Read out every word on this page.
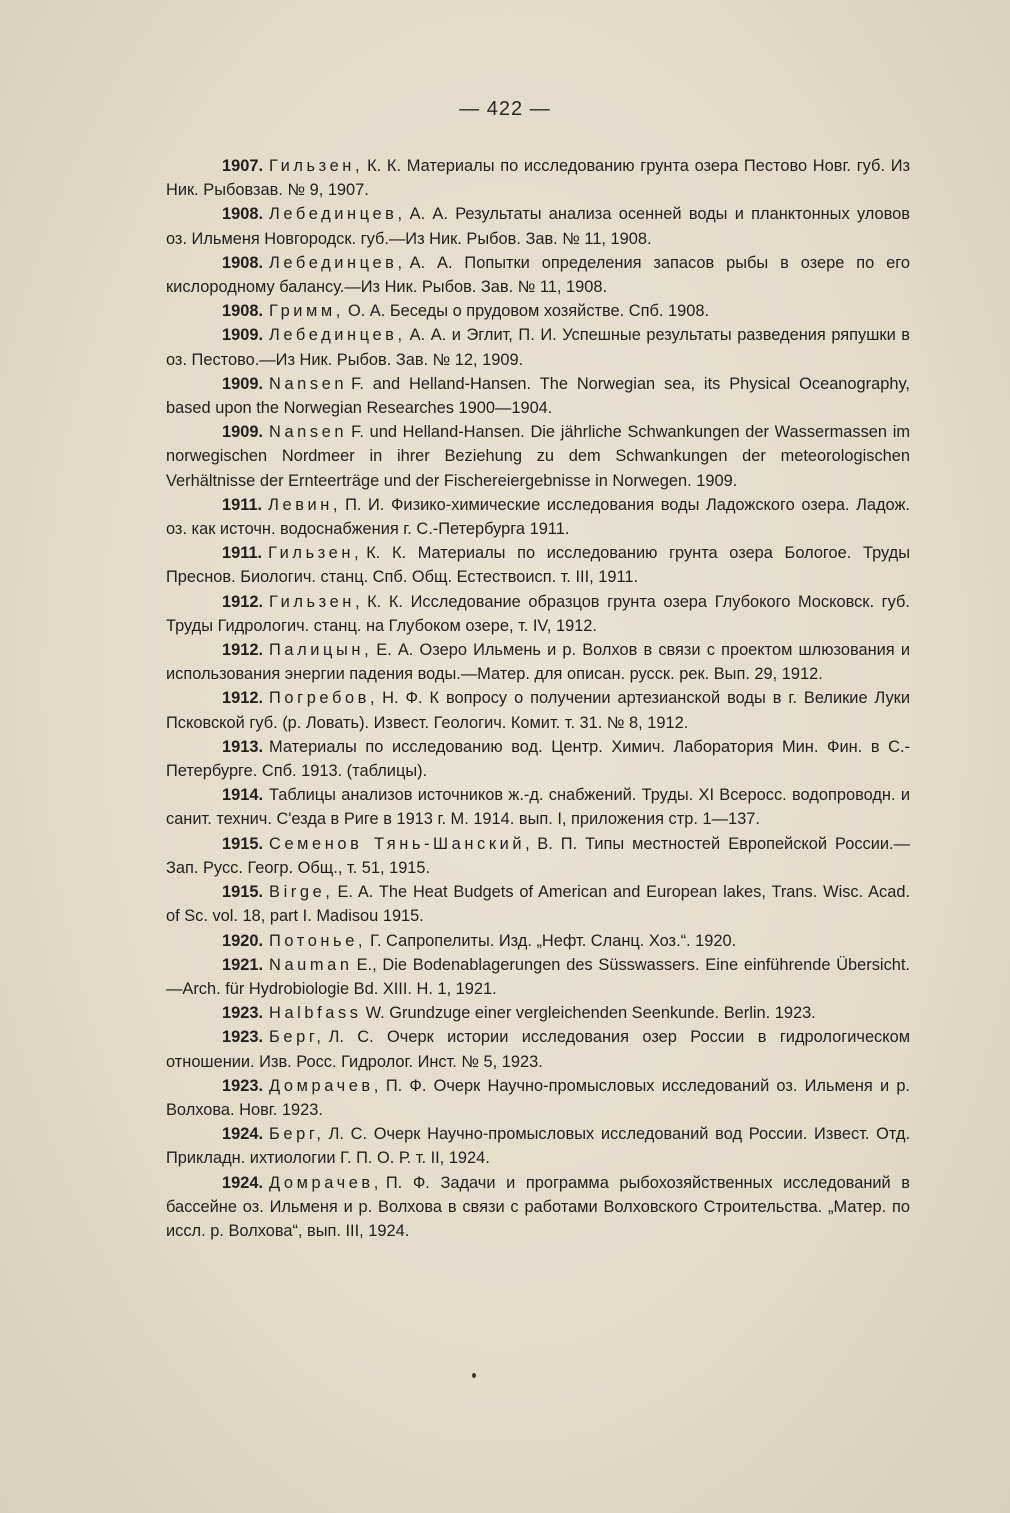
— 422 —

1907. Гильзен, К. К. Материалы по исследованию грунта озера Пестово Новг. губ. Из Ник. Рыбовзав. № 9, 1907.

1908. Лебединцев, А. А. Результаты анализа осенней воды и планктонных уловов оз. Ильменя Новгородск. губ.—Из Ник. Рыбов. Зав. № 11, 1908.

1908. Лебединцев, А. А. Попытки определения запасов рыбы в озере по его кислородному балансу.—Из Ник. Рыбов. Зав. № 11, 1908.

1908. Гримм, О. А. Беседы о прудовом хозяйстве. Спб. 1908.

1909. Лебединцев, А. А. и Эглит, П. И. Успешные результаты разведения ряпушки в оз. Пестово.—Из Ник. Рыбов. Зав. № 12, 1909.

1909. Nansen F. and Helland-Hansen. The Norwegian sea, its Physical Oceanography, based upon the Norwegian Researches 1900—1904.

1909. Nansen F. und Helland-Hansen. Die jährliche Schwankungen der Wassermassen im norwegischen Nordmeer in ihrer Beziehung zu dem Schwankungen der meteorologischen Verhältnisse der Ernteerträge und der Fischereiergebnisse in Norwegen. 1909.

1911. Левин, П. И. Физико-химические исследования воды Ладожского озера. Ладож. оз. как источн. водоснабжения г. С.-Петербурга 1911.

1911. Гильзен, К. К. Материалы по исследованию грунта озера Бологое. Труды Преснов. Биологич. станц. Спб. Общ. Естествоисп. т. III, 1911.

1912. Гильзен, К. К. Исследование образцов грунта озера Глубокого Московск. губ. Труды Гидрологич. станц. на Глубоком озере, т. IV, 1912.

1912. Палицын, Е. А. Озеро Ильмень и р. Волхов в связи с проектом шлюзования и использования энергии падения воды.—Матер. для описан. русск. рек. Вып. 29, 1912.

1912. Погребов, Н. Ф. К вопросу о получении артезианской воды в г. Великие Луки Псковской губ. (р. Ловать). Извест. Геологич. Комит. т. 31. № 8, 1912.

1913. Материалы по исследованию вод. Центр. Химич. Лаборатория Мин. Фин. в С.-Петербурге. Спб. 1913. (таблицы).

1914. Таблицы анализов источников ж.-д. снабжений. Труды. XI Всеросс. водопроводн. и санит. технич. С'езда в Риге в 1913 г. М. 1914. вып. I, приложения стр. 1—137.

1915. Семенов Тянь-Шанский, В. П. Типы местностей Европейской России.—Зап. Русс. Геогр. Общ., т. 51, 1915.

1915. Birge, E. A. The Heat Budgets of American and European lakes, Trans. Wisc. Acad. of Sc. vol. 18, part I. Madisou 1915.

1920. Потонье, Г. Сапропелиты. Изд. „Нефт. Сланц. Хоз.“. 1920.

1921. Nauman E., Die Bodenablagerungen des Süsswassers. Eine einführende Übersicht.—Arch. für Hydrobiologie Bd. XIII. H. 1, 1921.

1923. Halbfass W. Grundzuge einer vergleichenden Seenkunde. Berlin. 1923.

1923. Берг, Л. С. Очерк истории исследования озер России в гидрологическом отношении. Изв. Росс. Гидролог. Инст. № 5, 1923.

1923. Домрачев, П. Ф. Очерк Научно-промысловых исследований оз. Ильменя и р. Волхова. Новг. 1923.

1924. Берг, Л. С. Очерк Научно-промысловых исследований вод России. Извест. Отд. Прикладн. ихтиологии Г. П. О. Р. т. II, 1924.

1924. Домрачев, П. Ф. Задачи и программа рыбохозяйственных исследований в бассейне оз. Ильменя и р. Волхова в связи с работами Волховского Строительства. „Матер. по иссл. р. Волхова“, вып. III, 1924.
